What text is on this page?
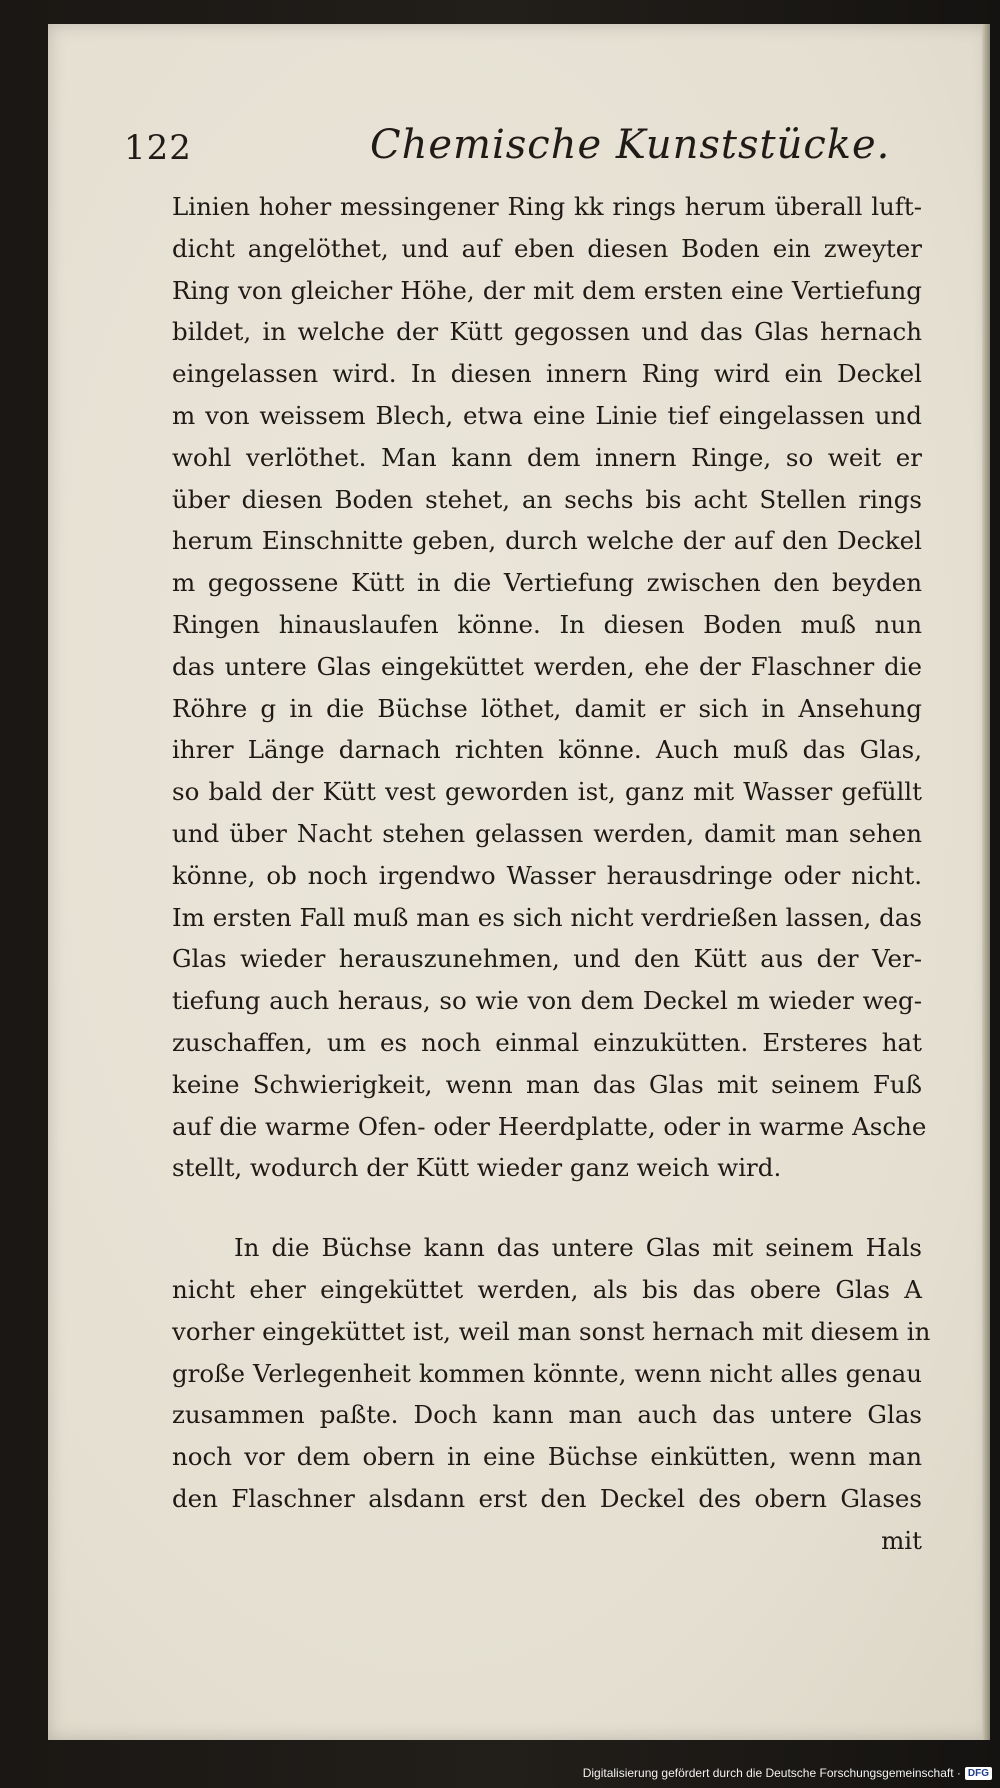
122	Chemische Kunststücke.
Linien hoher messingener Ring kk rings herum überall luft-
dicht angelöthet, und auf eben diesen Boden ein zweyter
Ring von gleicher Höhe, der mit dem ersten eine Vertiefung
bildet, in welche der Kütt gegossen und das Glas hernach
eingelassen wird. In diesen innern Ring wird ein Deckel
m von weissem Blech, etwa eine Linie tief eingelassen und
wohl verlöthet. Man kann dem innern Ringe, so weit er
über diesen Boden stehet, an sechs bis acht Stellen rings
herum Einschnitte geben, durch welche der auf den Deckel
m gegossene Kütt in die Vertiefung zwischen den beyden
Ringen hinauslaufen könne. In diesen Boden muß nun
das untere Glas eingeküttet werden, ehe der Flaschner die
Röhre g in die Büchse löthet, damit er sich in Ansehung
ihrer Länge darnach richten könne. Auch muß das Glas,
so bald der Kütt vest geworden ist, ganz mit Wasser gefüllt
und über Nacht stehen gelassen werden, damit man sehen
könne, ob noch irgendwo Wasser herausdringe oder nicht.
Im ersten Fall muß man es sich nicht verdrießen lassen, das
Glas wieder herauszunehmen, und den Kütt aus der Ver-
tiefung auch heraus, so wie von dem Deckel m wieder weg-
zuschaffen, um es noch einmal einzukütten. Ersteres hat
keine Schwierigkeit, wenn man das Glas mit seinem Fuß
auf die warme Ofen- oder Heerdplatte, oder in warme Asche
stellt, wodurch der Kütt wieder ganz weich wird.
In die Büchse kann das untere Glas mit seinem Hals
nicht eher eingeküttet werden, als bis das obere Glas A
vorher eingeküttet ist, weil man sonst hernach mit diesem in
große Verlegenheit kommen könnte, wenn nicht alles genau
zusammen paßte. Doch kann man auch das untere Glas
noch vor dem obern in eine Büchse einkütten, wenn man
den Flaschner alsdann erst den Deckel des obern Glases
mit
Digitalisierung gefördert durch die Deutsche Forschungsgemeinschaft · DFG
